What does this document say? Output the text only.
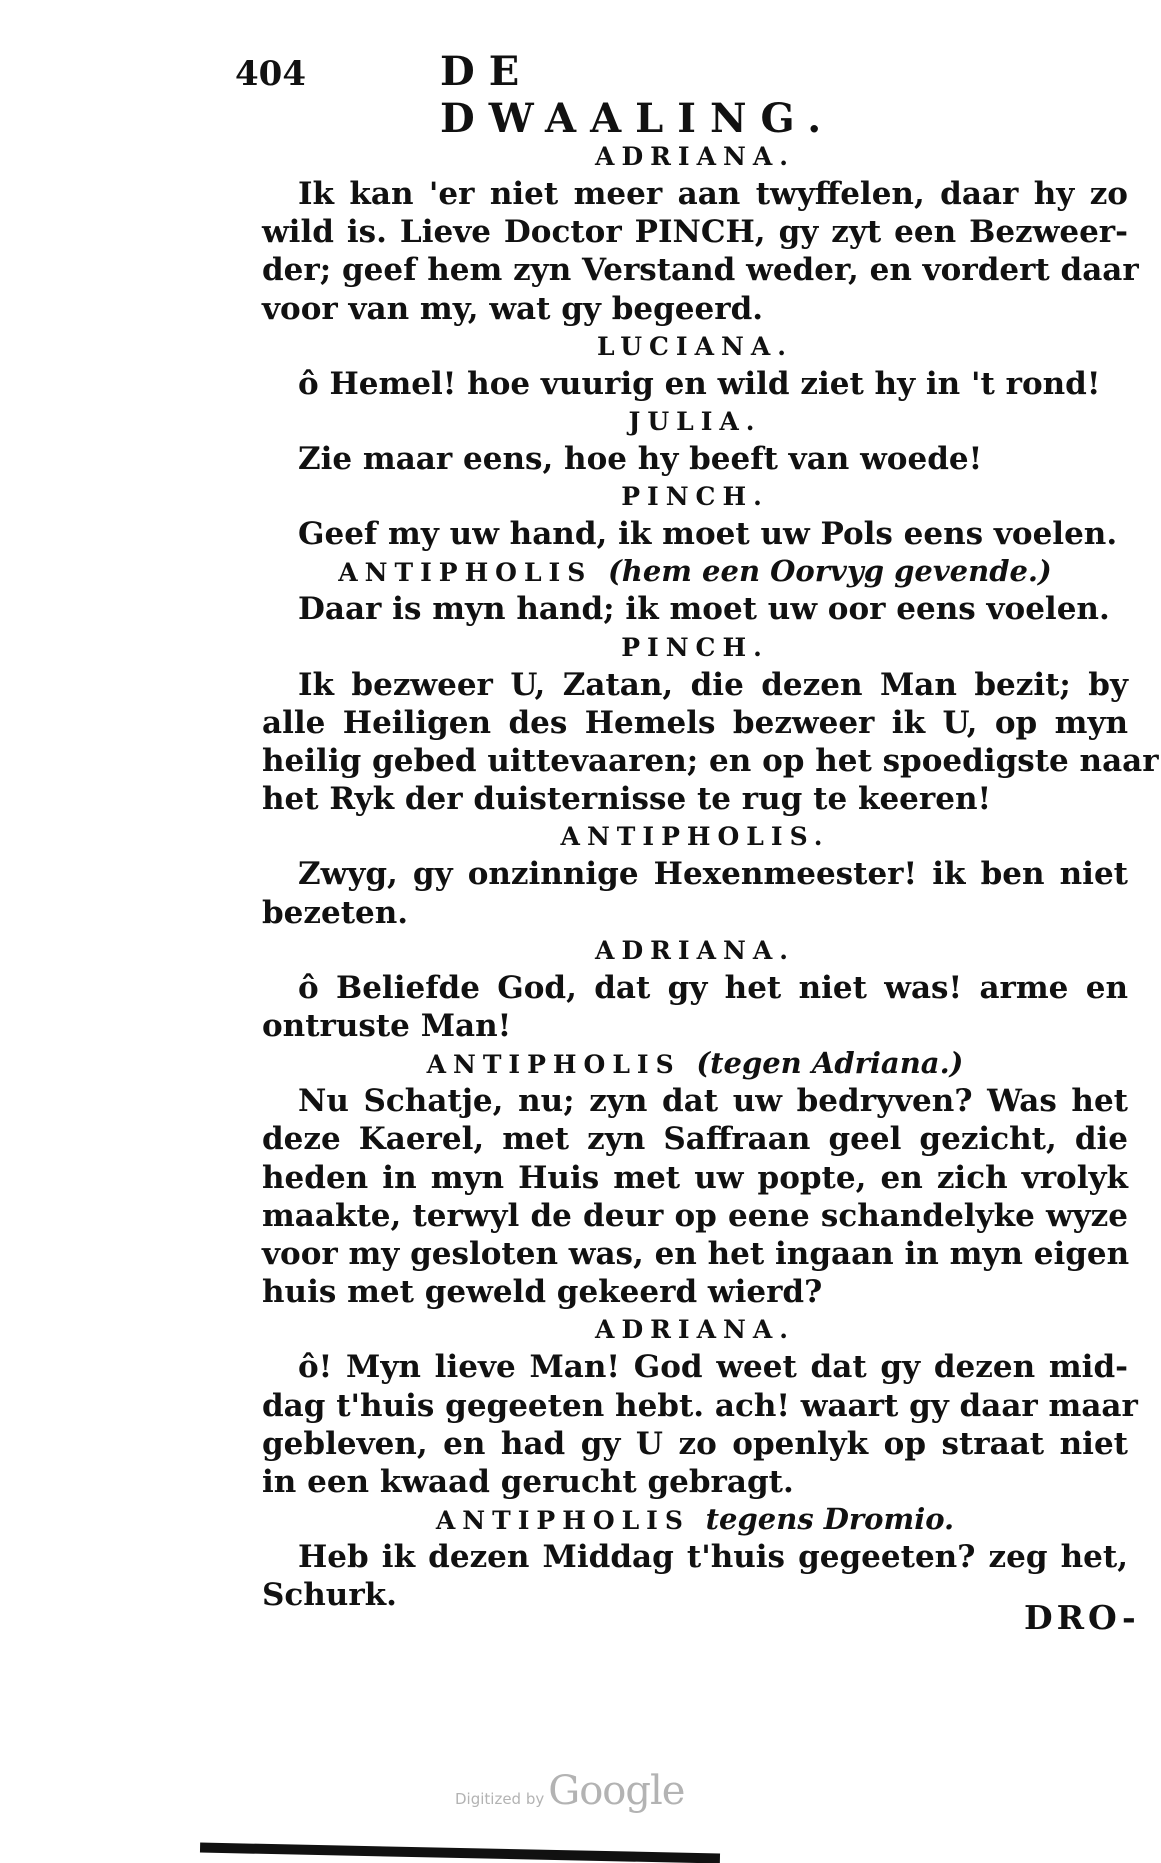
404	DE DWAALING.
ADRIANA.
Ik kan 'er niet meer aan twyffelen, daar hy zo
wild is. Lieve Doctor PINCH, gy zyt een Bezweer-
der; geef hem zyn Verstand weder, en vordert daar
voor van my, wat gy begeerd.
LUCIANA.
ô Hemel! hoe vuurig en wild ziet hy in 't rond!
JULIA.
Zie maar eens, hoe hy beeft van woede!
PINCH.
Geef my uw hand, ik moet uw Pols eens voelen.
ANTIPHOLIS (hem een Oorvyg gevende.)
Daar is myn hand; ik moet uw oor eens voelen.
PINCH.
Ik bezweer U, Zatan, die dezen Man bezit; by
alle Heiligen des Hemels bezweer ik U, op myn
heilig gebed uittevaaren; en op het spoedigste naar
het Ryk der duisternisse te rug te keeren!
ANTIPHOLIS.
Zwyg, gy onzinnige Hexenmeester! ik ben niet
bezeten.
ADRIANA.
ô Beliefde God, dat gy het niet was! arme en
ontruste Man!
ANTIPHOLIS (tegen Adriana.)
Nu Schatje, nu; zyn dat uw bedryven? Was het
deze Kaerel, met zyn Saffraan geel gezicht, die
heden in myn Huis met uw popte, en zich vrolyk
maakte, terwyl de deur op eene schandelyke wyze
voor my gesloten was, en het ingaan in myn eigen
huis met geweld gekeerd wierd?
ADRIANA.
ô! Myn lieve Man! God weet dat gy dezen mid-
dag t'huis gegeeten hebt. ach! waart gy daar maar
gebleven, en had gy U zo openlyk op straat niet
in een kwaad gerucht gebragt.
ANTIPHOLIS tegens Dromio.
Heb ik dezen Middag t'huis gegeeten? zeg het,
Schurk.
DRO-
Digitized by Google
